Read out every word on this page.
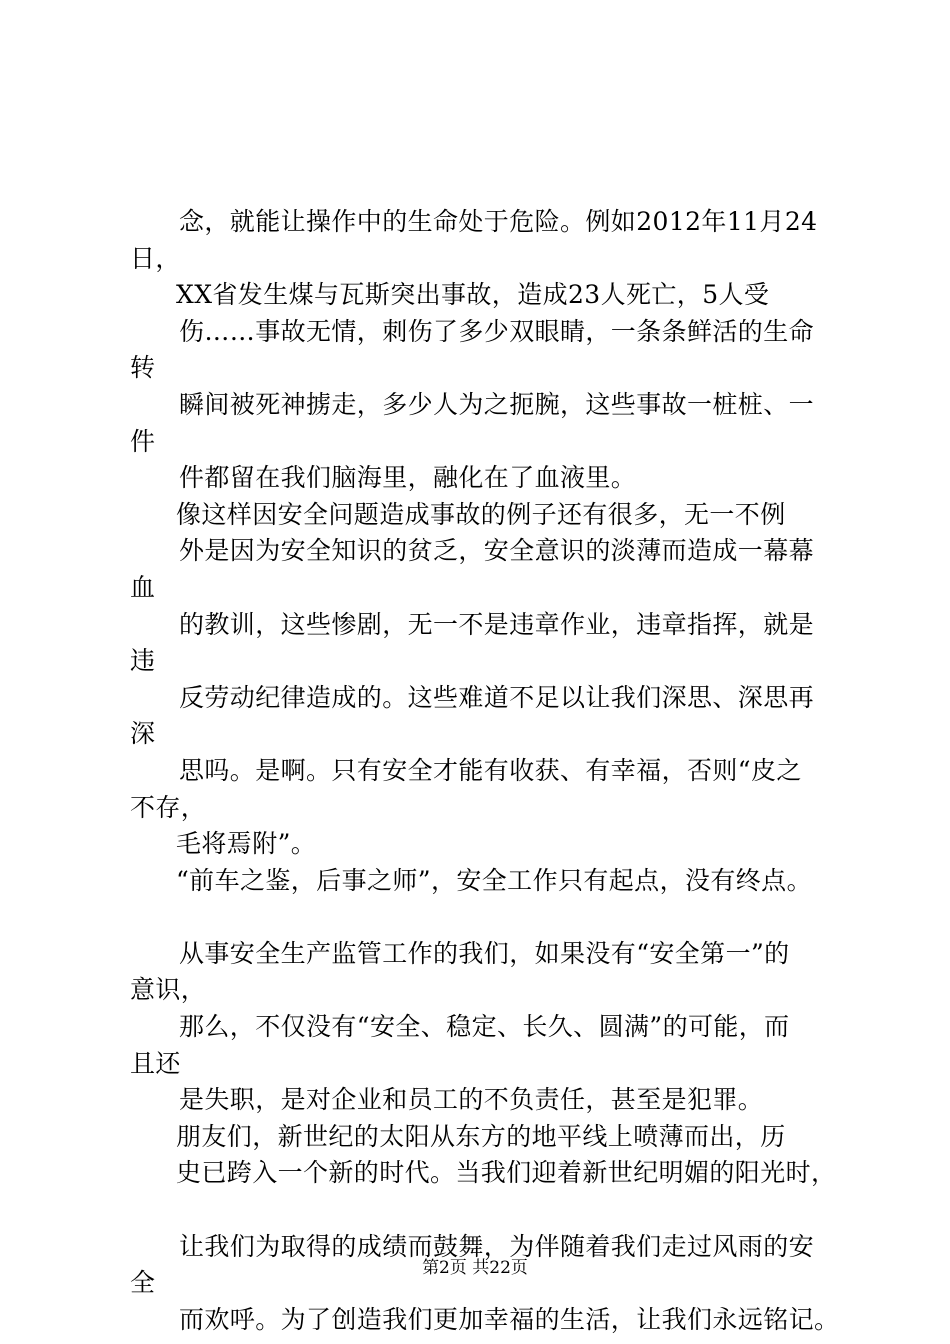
念，就能让操作中的生命处于危险。例如2012年11月24
日，
XX省发生煤与瓦斯突出事故，造成23人死亡，5人受
伤……事故无情，刺伤了多少双眼睛，一条条鲜活的生命
转
瞬间被死神掳走，多少人为之扼腕，这些事故一桩桩、一
件
件都留在我们脑海里，融化在了血液里。
像这样因安全问题造成事故的例子还有很多，无一不例
外是因为安全知识的贫乏，安全意识的淡薄而造成一幕幕
血
的教训，这些惨剧，无一不是违章作业，违章指挥，就是
违
反劳动纪律造成的。这些难道不足以让我们深思、深思再
深
思吗。是啊。只有安全才能有收获、有幸福，否则“皮之
不存，
毛将焉附”。
“前车之鉴，后事之师”，安全工作只有起点，没有终点。
从事安全生产监管工作的我们，如果没有“安全第一”的
意识，
那么，不仅没有“安全、稳定、长久、圆满”的可能，而
且还
是失职，是对企业和员工的不负责任，甚至是犯罪。
朋友们，新世纪的太阳从东方的地平线上喷薄而出，历
史已跨入一个新的时代。当我们迎着新世纪明媚的阳光时，
让我们为取得的成绩而鼓舞，为伴随着我们走过风雨的安
全
而欢呼。为了创造我们更加幸福的生活，让我们永远铭记。
第2页 共22页
